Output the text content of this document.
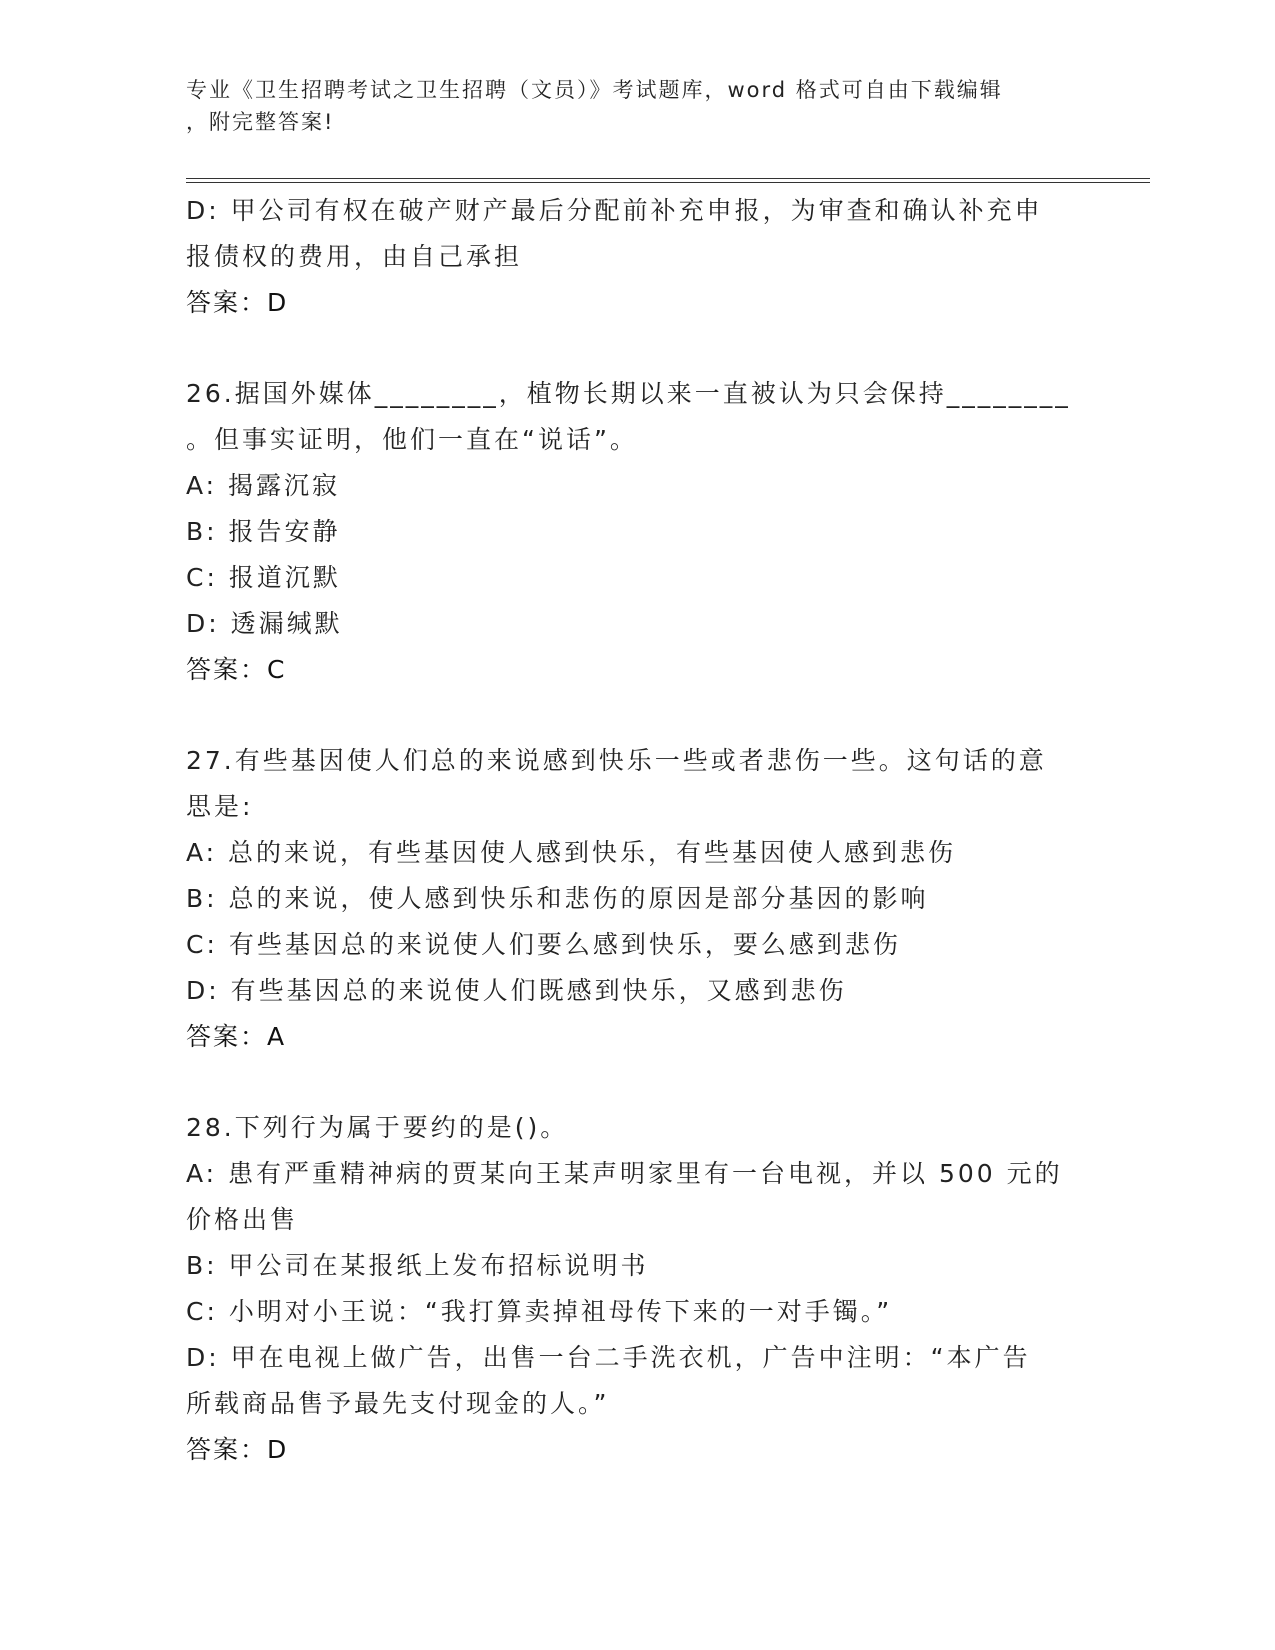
专业《卫生招聘考试之卫生招聘（文员）》考试题库，word 格式可自由下载编辑
，附完整答案!
D: 甲公司有权在破产财产最后分配前补充申报，为审查和确认补充申
报债权的费用，由自己承担
答案：D
26.据国外媒体________，植物长期以来一直被认为只会保持________
。但事实证明，他们一直在“说话”。
A: 揭露沉寂
B: 报告安静
C: 报道沉默
D: 透漏缄默
答案：C
27.有些基因使人们总的来说感到快乐一些或者悲伤一些。这句话的意
思是:
A: 总的来说，有些基因使人感到快乐，有些基因使人感到悲伤
B: 总的来说，使人感到快乐和悲伤的原因是部分基因的影响
C: 有些基因总的来说使人们要么感到快乐，要么感到悲伤
D: 有些基因总的来说使人们既感到快乐，又感到悲伤
答案：A
28.下列行为属于要约的是()。
A: 患有严重精神病的贾某向王某声明家里有一台电视，并以 500 元的
价格出售
B: 甲公司在某报纸上发布招标说明书
C: 小明对小王说：“我打算卖掉祖母传下来的一对手镯。”
D: 甲在电视上做广告，出售一台二手洗衣机，广告中注明：“本广告
所载商品售予最先支付现金的人。”
答案：D
